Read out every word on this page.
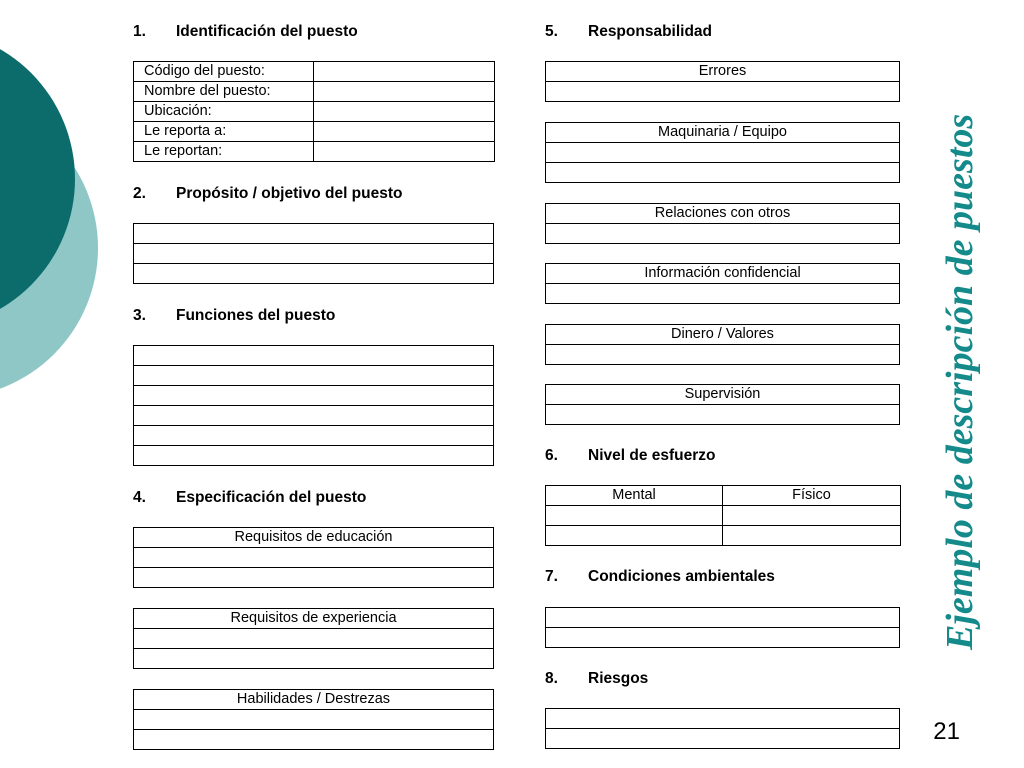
1. Identificación del puesto
Código del puesto:	
Nombre del puesto:	
Ubicación:	
Le reporta a:	
Le reportan:	
2. Propósito / objetivo del puesto

3. Funciones del puesto

4. Especificación del puesto
Requisitos de educación

Requisitos de experiencia

Habilidades / Destrezas

5. Responsabilidad
Errores

Maquinaria / Equipo

Relaciones con otros

Información confidencial

Dinero / Valores

Supervisión

6. Nivel de esfuerzo
Mental	Físico

7. Condiciones ambientales

8. Riesgos

Ejemplo de descripción de puestos
21
